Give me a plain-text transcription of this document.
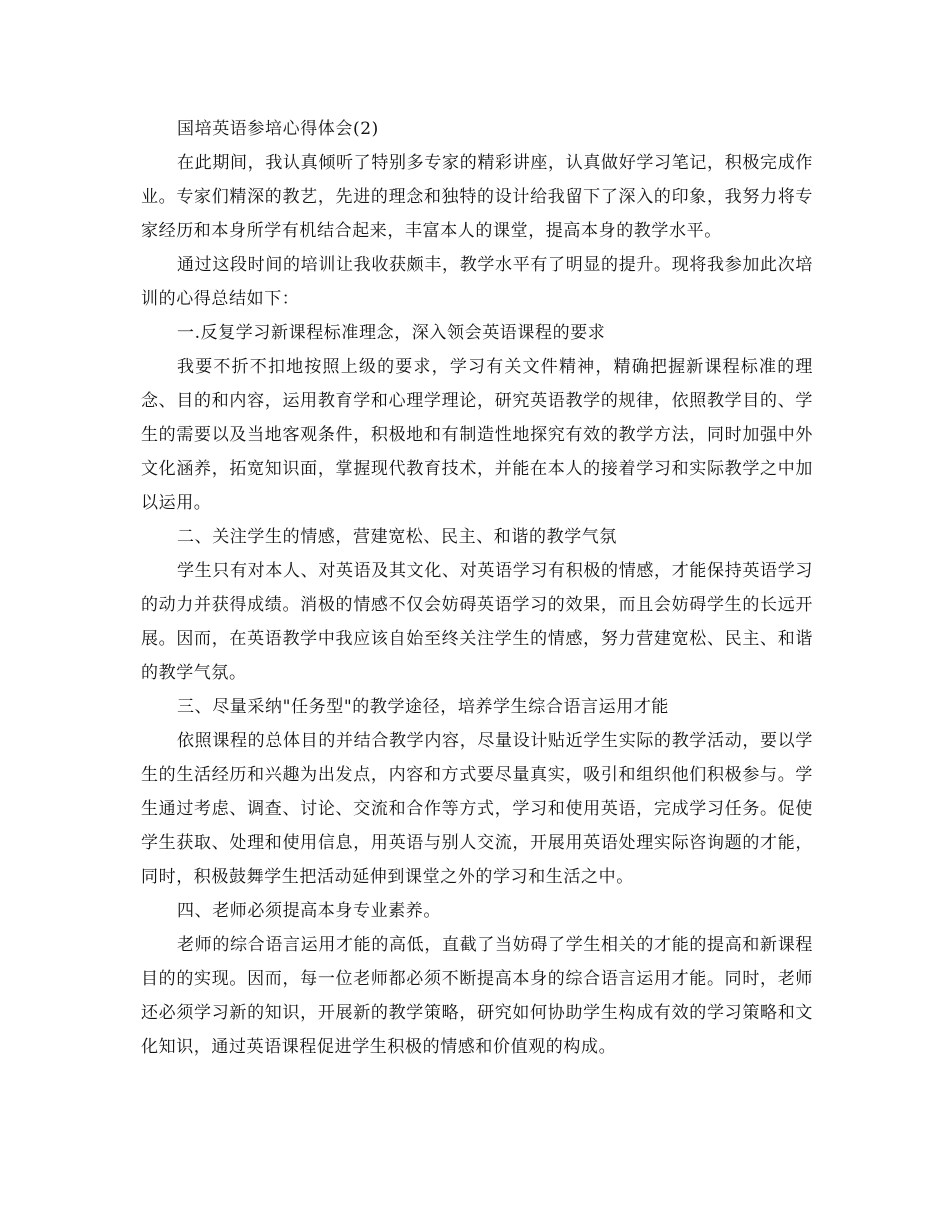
国培英语参培心得体会(2)

在此期间，我认真倾听了特别多专家的精彩讲座，认真做好学习笔记，积极完成作业。专家们精深的教艺，先进的理念和独特的设计给我留下了深入的印象，我努力将专家经历和本身所学有机结合起来，丰富本人的课堂，提高本身的教学水平。

通过这段时间的培训让我收获颇丰，教学水平有了明显的提升。现将我参加此次培训的心得总结如下：

一.反复学习新课程标准理念，深入领会英语课程的要求

我要不折不扣地按照上级的要求，学习有关文件精神，精确把握新课程标准的理念、目的和内容，运用教育学和心理学理论，研究英语教学的规律，依照教学目的、学生的需要以及当地客观条件，积极地和有制造性地探究有效的教学方法，同时加强中外文化涵养，拓宽知识面，掌握现代教育技术，并能在本人的接着学习和实际教学之中加以运用。

二、关注学生的情感，营建宽松、民主、和谐的教学气氛

学生只有对本人、对英语及其文化、对英语学习有积极的情感，才能保持英语学习的动力并获得成绩。消极的情感不仅会妨碍英语学习的效果，而且会妨碍学生的长远开展。因而，在英语教学中我应该自始至终关注学生的情感，努力营建宽松、民主、和谐的教学气氛。

三、尽量采纳"任务型"的教学途径，培养学生综合语言运用才能

依照课程的总体目的并结合教学内容，尽量设计贴近学生实际的教学活动，要以学生的生活经历和兴趣为出发点，内容和方式要尽量真实，吸引和组织他们积极参与。学生通过考虑、调查、讨论、交流和合作等方式，学习和使用英语，完成学习任务。促使学生获取、处理和使用信息，用英语与别人交流，开展用英语处理实际咨询题的才能，同时，积极鼓舞学生把活动延伸到课堂之外的学习和生活之中。

四、老师必须提高本身专业素养。

老师的综合语言运用才能的高低，直截了当妨碍了学生相关的才能的提高和新课程目的的实现。因而，每一位老师都必须不断提高本身的综合语言运用才能。同时，老师还必须学习新的知识，开展新的教学策略，研究如何协助学生构成有效的学习策略和文化知识，通过英语课程促进学生积极的情感和价值观的构成。
